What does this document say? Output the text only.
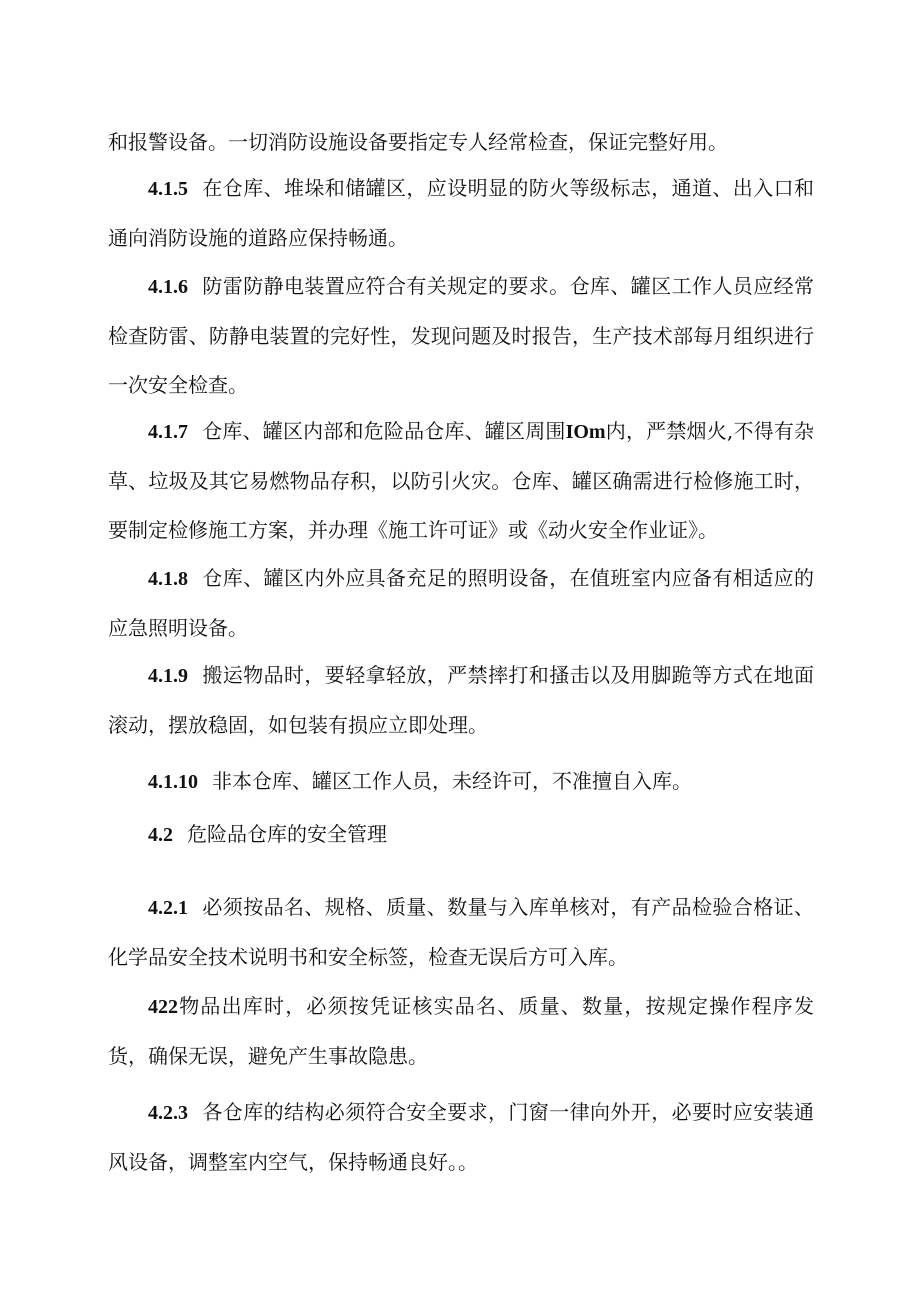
和报警设备。一切消防设施设备要指定专人经常检查，保证完整好用。

4.1.5 在仓库、堆垛和储罐区，应设明显的防火等级标志，通道、出入口和通向消防设施的道路应保持畅通。

4.1.6 防雷防静电装置应符合有关规定的要求。仓库、罐区工作人员应经常检查防雷、防静电装置的完好性，发现问题及时报告，生产技术部每月组织进行一次安全检查。

4.1.7 仓库、罐区内部和危险品仓库、罐区周围IOm内，严禁烟火,不得有杂草、垃圾及其它易燃物品存积，以防引火灾。仓库、罐区确需进行检修施工时，要制定检修施工方案，并办理《施工许可证》或《动火安全作业证》。

4.1.8 仓库、罐区内外应具备充足的照明设备，在值班室内应备有相适应的应急照明设备。

4.1.9 搬运物品时，要轻拿轻放，严禁摔打和搔击以及用脚跪等方式在地面滚动，摆放稳固，如包装有损应立即处理。

4.1.10 非本仓库、罐区工作人员，未经许可，不准擅自入库。

4.2 危险品仓库的安全管理

4.2.1 必须按品名、规格、质量、数量与入库单核对，有产品检验合格证、化学品安全技术说明书和安全标签，检查无误后方可入库。

422物品出库时，必须按凭证核实品名、质量、数量，按规定操作程序发货，确保无误，避免产生事故隐患。

4.2.3 各仓库的结构必须符合安全要求，门窗一律向外开，必要时应安装通风设备，调整室内空气，保持畅通良好。。
